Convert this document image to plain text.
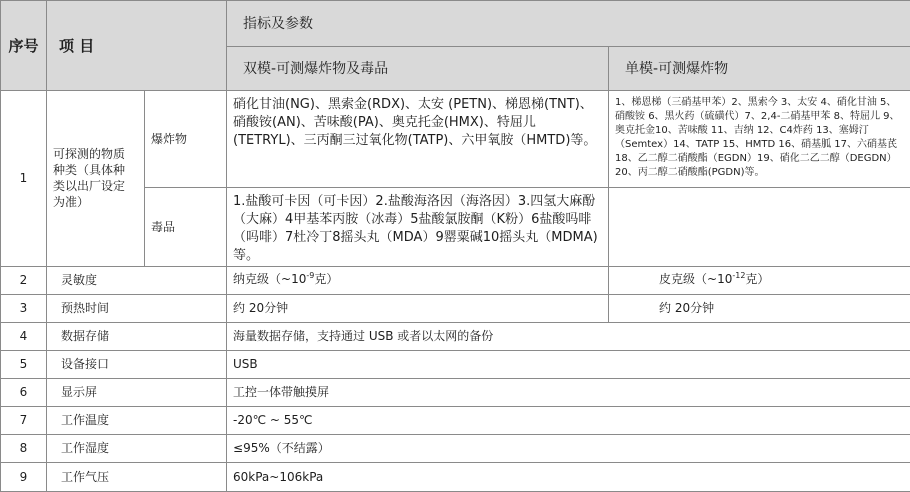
序号	项 目		指标及参数	
			双模-可测爆炸物及毒品	单模-可测爆炸物
1	可探测的物质 种类（具体种 类以出厂设定 为准）	爆炸物	硝化甘油(NG)、黑索金(RDX)、太安 (PETN)、梯恩梯(TNT)、硝酸铵(AN)、苦味酸(PA)、奥克托金(HMX)、特屈儿(TETRYL)、三丙酮三过氧化物(TATP)、六甲氧胺（HMTD)等。	1、梯恩梯（三硝基甲苯）2、黑索今 3、太安 4、硝化甘油 5、硝酸铵 6、黑火药（硫磺代）7、2,4-二硝基甲苯 8、特屈儿 9、奥克托金10、苦味酸 11、吉纳 12、C4炸药 13、塞姆汀（Semtex）14、TATP 15、HMTD 16、硝基胍 17、六硝基芪 18、乙二醇二硝酸酯（EGDN）19、硝化二乙二醇（DEGDN） 20、丙二醇二硝酸酯(PGDN)等。
		毒品	1.盐酸可卡因（可卡因）2.盐酸海洛因（海洛因）3.四氢大麻酚（大麻）4甲基苯丙胺（冰毒）5盐酸氯胺酮（K粉）6盐酸吗啡（吗啡）7杜冷丁8摇头丸（MDA）9罂粟碱10摇头丸（MDMA)等。	
2	灵敏度		纳克级（$\sim 10^{-9}$克）	皮克级（$\sim 10^{-12}$克）
3	预热时间		约 20分钟	约 20分钟
4	数据存储		海量数据存储，支持通过 USB 或者以太网的备份	
5	设备接口		USB	
6	显示屏		工控一体带触摸屏	
7	工作温度		-20℃ ~ 55℃	
8	工作湿度		≤95%（不结露）	
9	工作气压		60kPa~106kPa	
